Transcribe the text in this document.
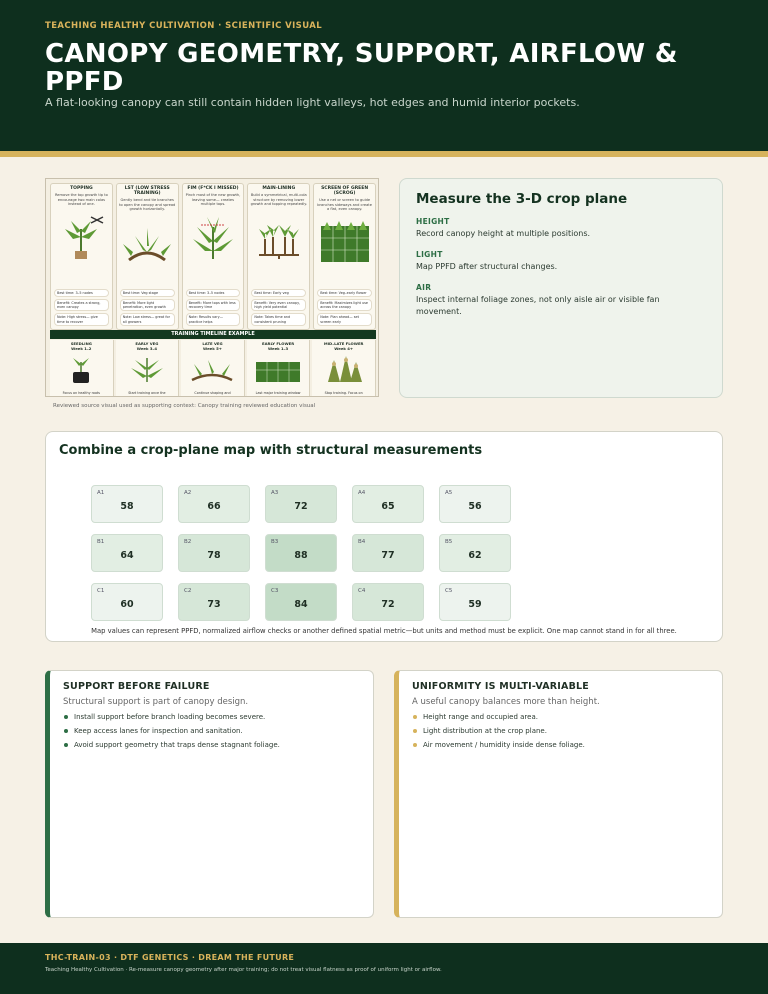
TEACHING HEALTHY CULTIVATION · SCIENTIFIC VISUAL
CANOPY GEOMETRY, SUPPORT, AIRFLOW & PPFD
A flat-looking canopy can still contain hidden light valleys, hot edges and humid interior pockets.
TOPPING
Remove the top growth tip to encourage two main colas instead of one.
Best time: 3–5 nodes
Benefit: Creates a strong, even canopy
Note: High stress— give time to recover
LST (LOW STRESS TRAINING)
Gently bend and tie branches to open the canopy and spread growth horizontally.
Best time: Veg stage
Benefit: More light penetration, even growth
Note: Low stress— great for all growers
FIM (F*CK I MISSED)
Pinch most of the new growth, leaving some— creates multiple tops.
Best time: 3–5 nodes
Benefit: More tops with less recovery time
Note: Results vary— practice helps
MAIN-LINING
Build a symmetrical, multi-cola structure by removing lower growth and topping repeatedly.
Best time: Early veg
Benefit: Very even canopy, high yield potential
Note: Takes time and consistent pruning
SCREEN OF GREEN (SCROG)
Use a net or screen to guide branches sideways and create a flat, even canopy.
Best time: Veg–early flower
Benefit: Maximizes light use across the canopy
Note: Plan ahead— set screen early
TRAINING TIMELINE EXAMPLE
SEEDLING
Week 1–2
Focus on healthy roots
EARLY VEG
Week 3–4
Start training once the
LATE VEG
Week 5+
Continue shaping and
EARLY FLOWER
Week 1–3
Last major training window
MID–LATE FLOWER
Week 4+
Stop training. Focus on
Reviewed source visual used as supporting context: Canopy training reviewed education visual
Measure the 3-D crop plane
HEIGHT
Record canopy height at multiple positions.
LIGHT
Map PPFD after structural changes.
AIR
Inspect internal foliage zones, not only aisle air or visible fan movement.
Combine a crop-plane map with structural measurements
A1
58
A2
66
A3
72
A4
65
A5
56
B1
64
B2
78
B3
88
B4
77
B5
62
C1
60
C2
73
C3
84
C4
72
C5
59
Map values can represent PPFD, normalized airflow checks or another defined spatial metric—but units and method must be explicit. One map cannot stand in for all three.
SUPPORT BEFORE FAILURE
Structural support is part of canopy design.
Install support before branch loading becomes severe.
Keep access lanes for inspection and sanitation.
Avoid support geometry that traps dense stagnant foliage.
UNIFORMITY IS MULTI-VARIABLE
A useful canopy balances more than height.
Height range and occupied area.
Light distribution at the crop plane.
Air movement / humidity inside dense foliage.
THC-TRAIN-03 · DTF GENETICS · DREAM THE FUTURE
Teaching Healthy Cultivation · Re-measure canopy geometry after major training; do not treat visual flatness as proof of uniform light or airflow.
